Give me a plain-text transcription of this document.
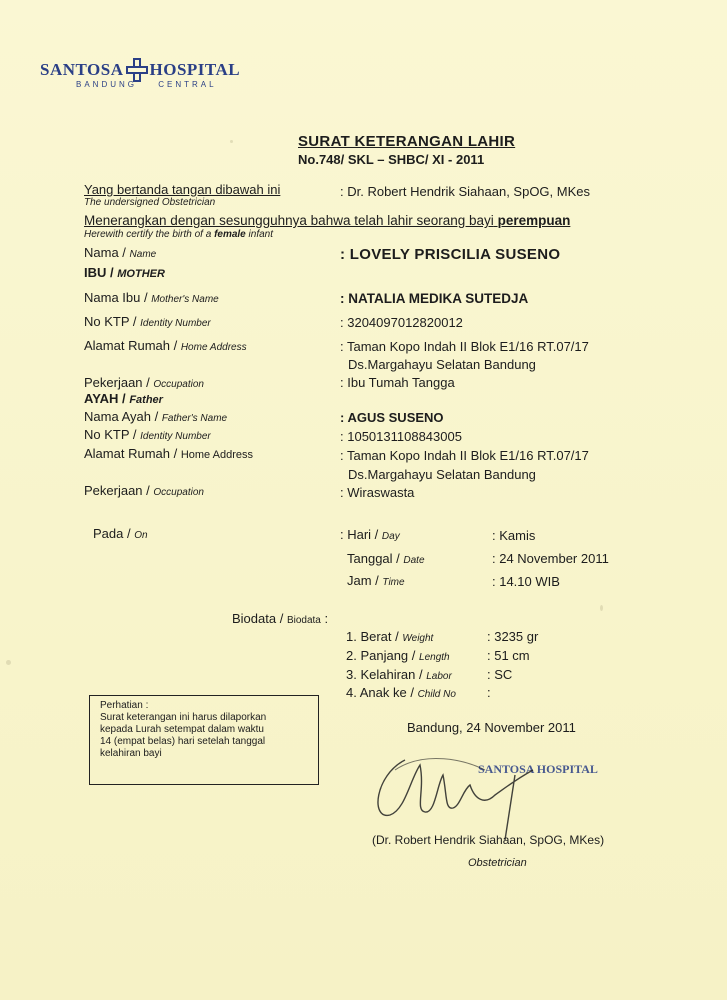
SANTOSA HOSPITAL
BANDUNG	CENTRAL
SURAT KETERANGAN LAHIR
No.748/ SKL – SHBC/ XI - 2011
Yang bertanda tangan dibawah ini
The undersigned Obstetrician
: Dr. Robert Hendrik Siahaan, SpOG, MKes
Menerangkan dengan sesungguhnya bahwa telah lahir seorang bayi perempuan
Herewith certify the birth of a female infant
Nama / Name	: LOVELY PRISCILIA SUSENO
IBU / MOTHER
Nama Ibu / Mother's Name	: NATALIA MEDIKA SUTEDJA
No KTP / Identity Number	: 3204097012820012
Alamat Rumah / Home Address	: Taman Kopo Indah II Blok E1/16 RT.07/17
Ds.Margahayu Selatan Bandung
Pekerjaan / Occupation	: Ibu Tumah Tangga
AYAH / Father
Nama Ayah / Father's Name	: AGUS SUSENO
No KTP / Identity Number	: 1050131108843005
Alamat Rumah / Home Address	: Taman Kopo Indah II Blok E1/16 RT.07/17
Ds.Margahayu Selatan Bandung
Pekerjaan / Occupation	: Wiraswasta
Pada / On	: Hari / Day	: Kamis
Tanggal / Date	: 24 November 2011
Jam / Time	: 14.10 WIB
Biodata / Biodata :
1. Berat / Weight	: 3235 gr
2. Panjang / Length	: 51 cm
3. Kelahiran / Labor	: SC
4. Anak ke / Child No :
Perhatian :
Surat keterangan ini harus dilaporkan
kepada Lurah setempat dalam waktu
14 (empat belas) hari setelah tanggal
kelahiran bayi
Bandung, 24 November 2011
SANTOSA HOSPITAL
(Dr. Robert Hendrik Siahaan, SpOG, MKes)
Obstetrician
